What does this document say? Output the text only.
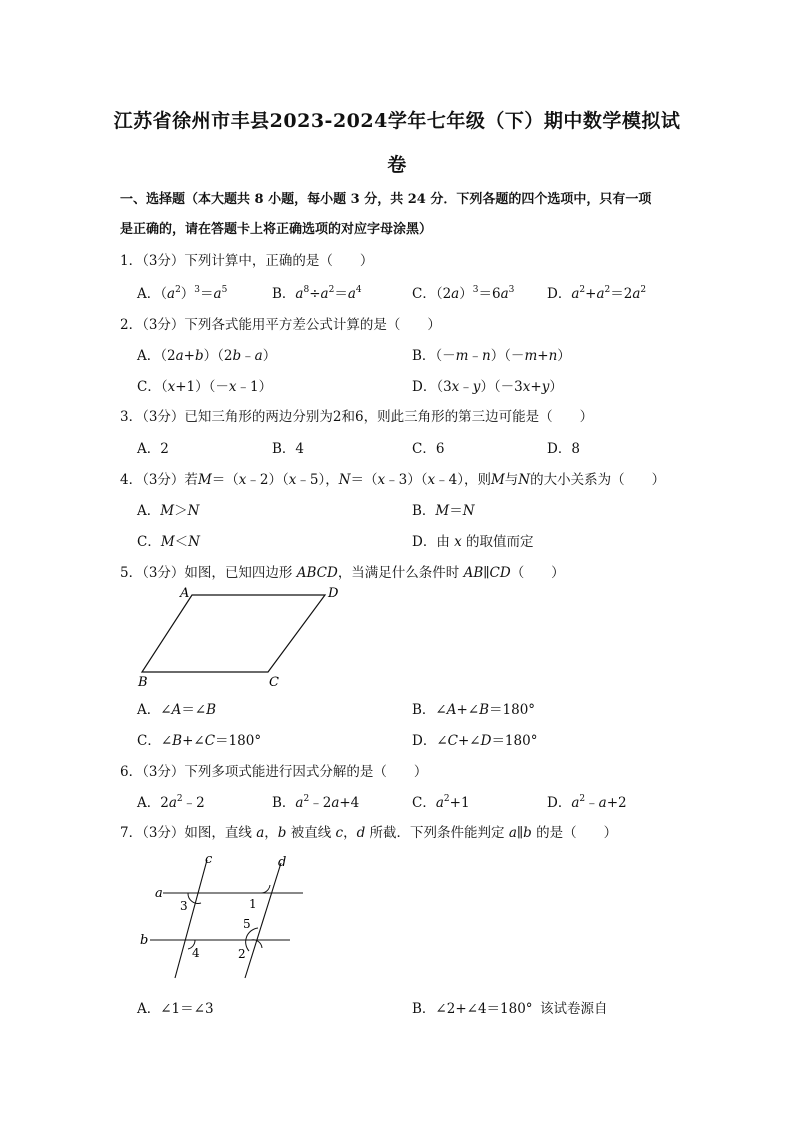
江苏省徐州市丰县2023-2024学年七年级（下）期中数学模拟试
卷
一、选择题（本大题共 8 小题，每小题 3 分，共 24 分．下列各题的四个选项中，只有一项
是正确的，请在答题卡上将正确选项的对应字母涂黑）
1．（3分）下列计算中，正确的是（　　）
A．$(a^2)^3=a^5$	B．$a^8\div a^2=a^4$	C．$(2a)^3=6a^3$ D．$a^2+a^2=2a^2$
2．（3分）下列各式能用平方差公式计算的是（　　）
A．（2a+b）（2b﹣a）	B．（－m﹣n）（－m+n）
C．（x+1）（－x﹣1）	D．（3x﹣y）（－3x+y）
3．（3分）已知三角形的两边分别为2和6，则此三角形的第三边可能是（　　）
A．2	B．4	C．6	D．8
4．（3分）若M＝（x﹣2）（x﹣5），N＝（x﹣3）（x﹣4），则M与N的大小关系为（　　）
A．M＞N	B．M＝N
C．M＜N	D．由 x 的取值而定
5．（3分）如图，已知四边形 ABCD，当满足什么条件时 AB∥CD（　　）
A	D
B	C
A．∠A＝∠B	B．∠A+∠B＝180°
C．∠B+∠C＝180°	D．∠C+∠D＝180°
6．（3分）下列多项式能进行因式分解的是（　　）
A．$2a^2﹣2$	B．$a^2﹣2a+4$	C．$a^2+1$	D．$a^2﹣a+2$
7．（3分）如图，直线 a，b 被直线 c，d 所截．下列条件能判定 a∥b 的是（　　）
c	d
a
b
3	1
5
4	2
A．∠1＝∠3	B．∠2+∠4＝180° 该试卷源自
